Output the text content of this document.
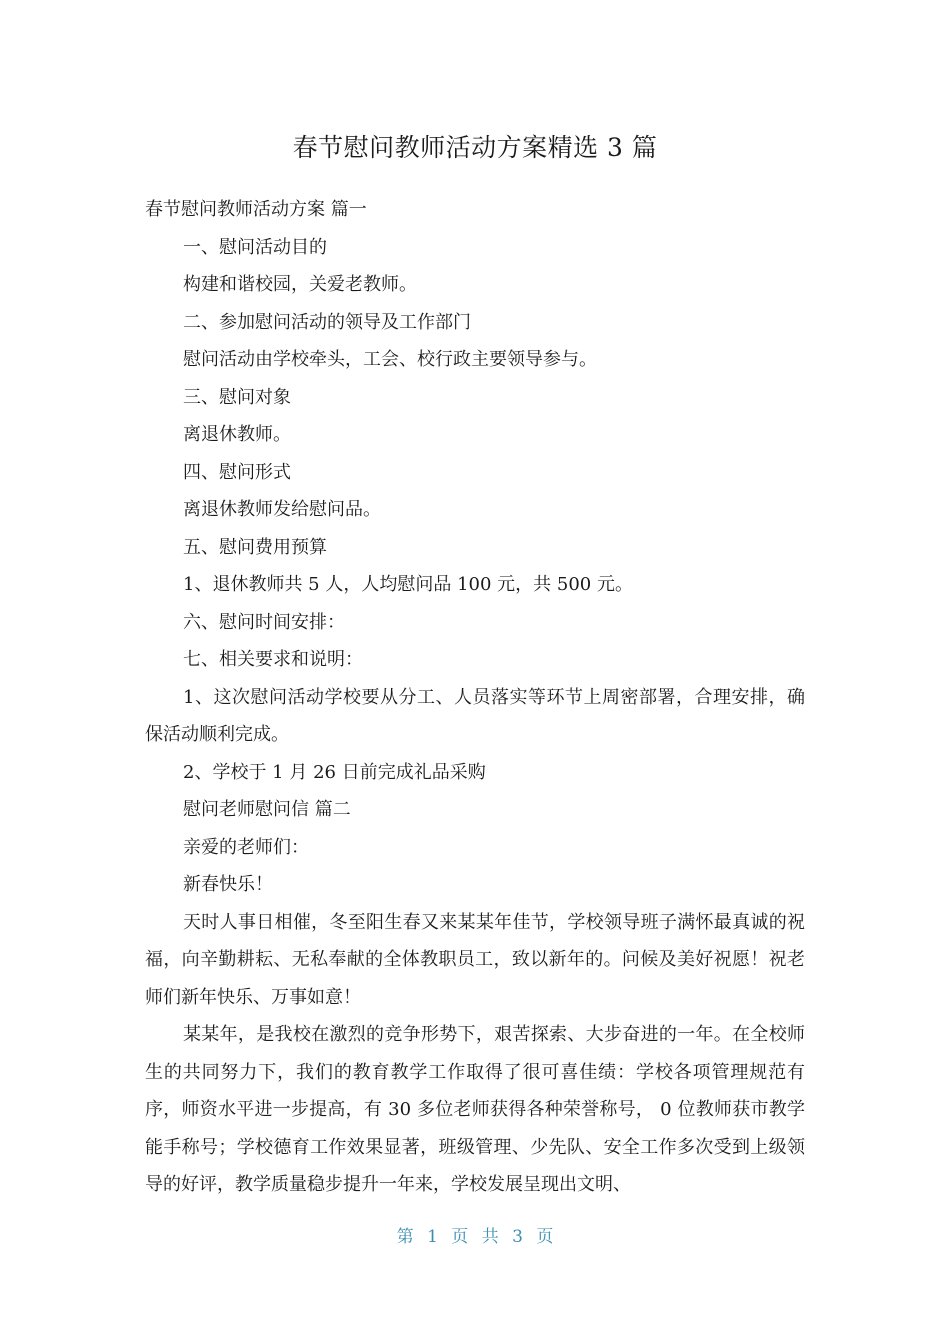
春节慰问教师活动方案精选 3 篇

春节慰问教师活动方案 篇一

一、慰问活动目的

构建和谐校园，关爱老教师。

二、参加慰问活动的领导及工作部门

慰问活动由学校牵头，工会、校行政主要领导参与。

三、慰问对象

离退休教师。

四、慰问形式

离退休教师发给慰问品。

五、慰问费用预算

1、退休教师共 5 人，人均慰问品 100 元，共 500 元。

六、慰问时间安排：

七、相关要求和说明：

1、这次慰问活动学校要从分工、人员落实等环节上周密部署，合理安排，确保活动顺利完成。

2、学校于 1 月 26 日前完成礼品采购

慰问老师慰问信 篇二

亲爱的老师们：

新春快乐！

天时人事日相催，冬至阳生春又来某某年佳节，学校领导班子满怀最真诚的祝福，向辛勤耕耘、无私奉献的全体教职员工，致以新年的。问候及美好祝愿！祝老师们新年快乐、万事如意！

某某年，是我校在激烈的竞争形势下，艰苦探索、大步奋进的一年。在全校师生的共同努力下，我们的教育教学工作取得了很可喜佳绩：学校各项管理规范有序，师资水平进一步提高，有 30 多位老师获得各种荣誉称号， 0 位教师获市教学能手称号；学校德育工作效果显著，班级管理、少先队、安全工作多次受到上级领导的好评，教学质量稳步提升一年来，学校发展呈现出文明、

第 1 页 共 3 页
